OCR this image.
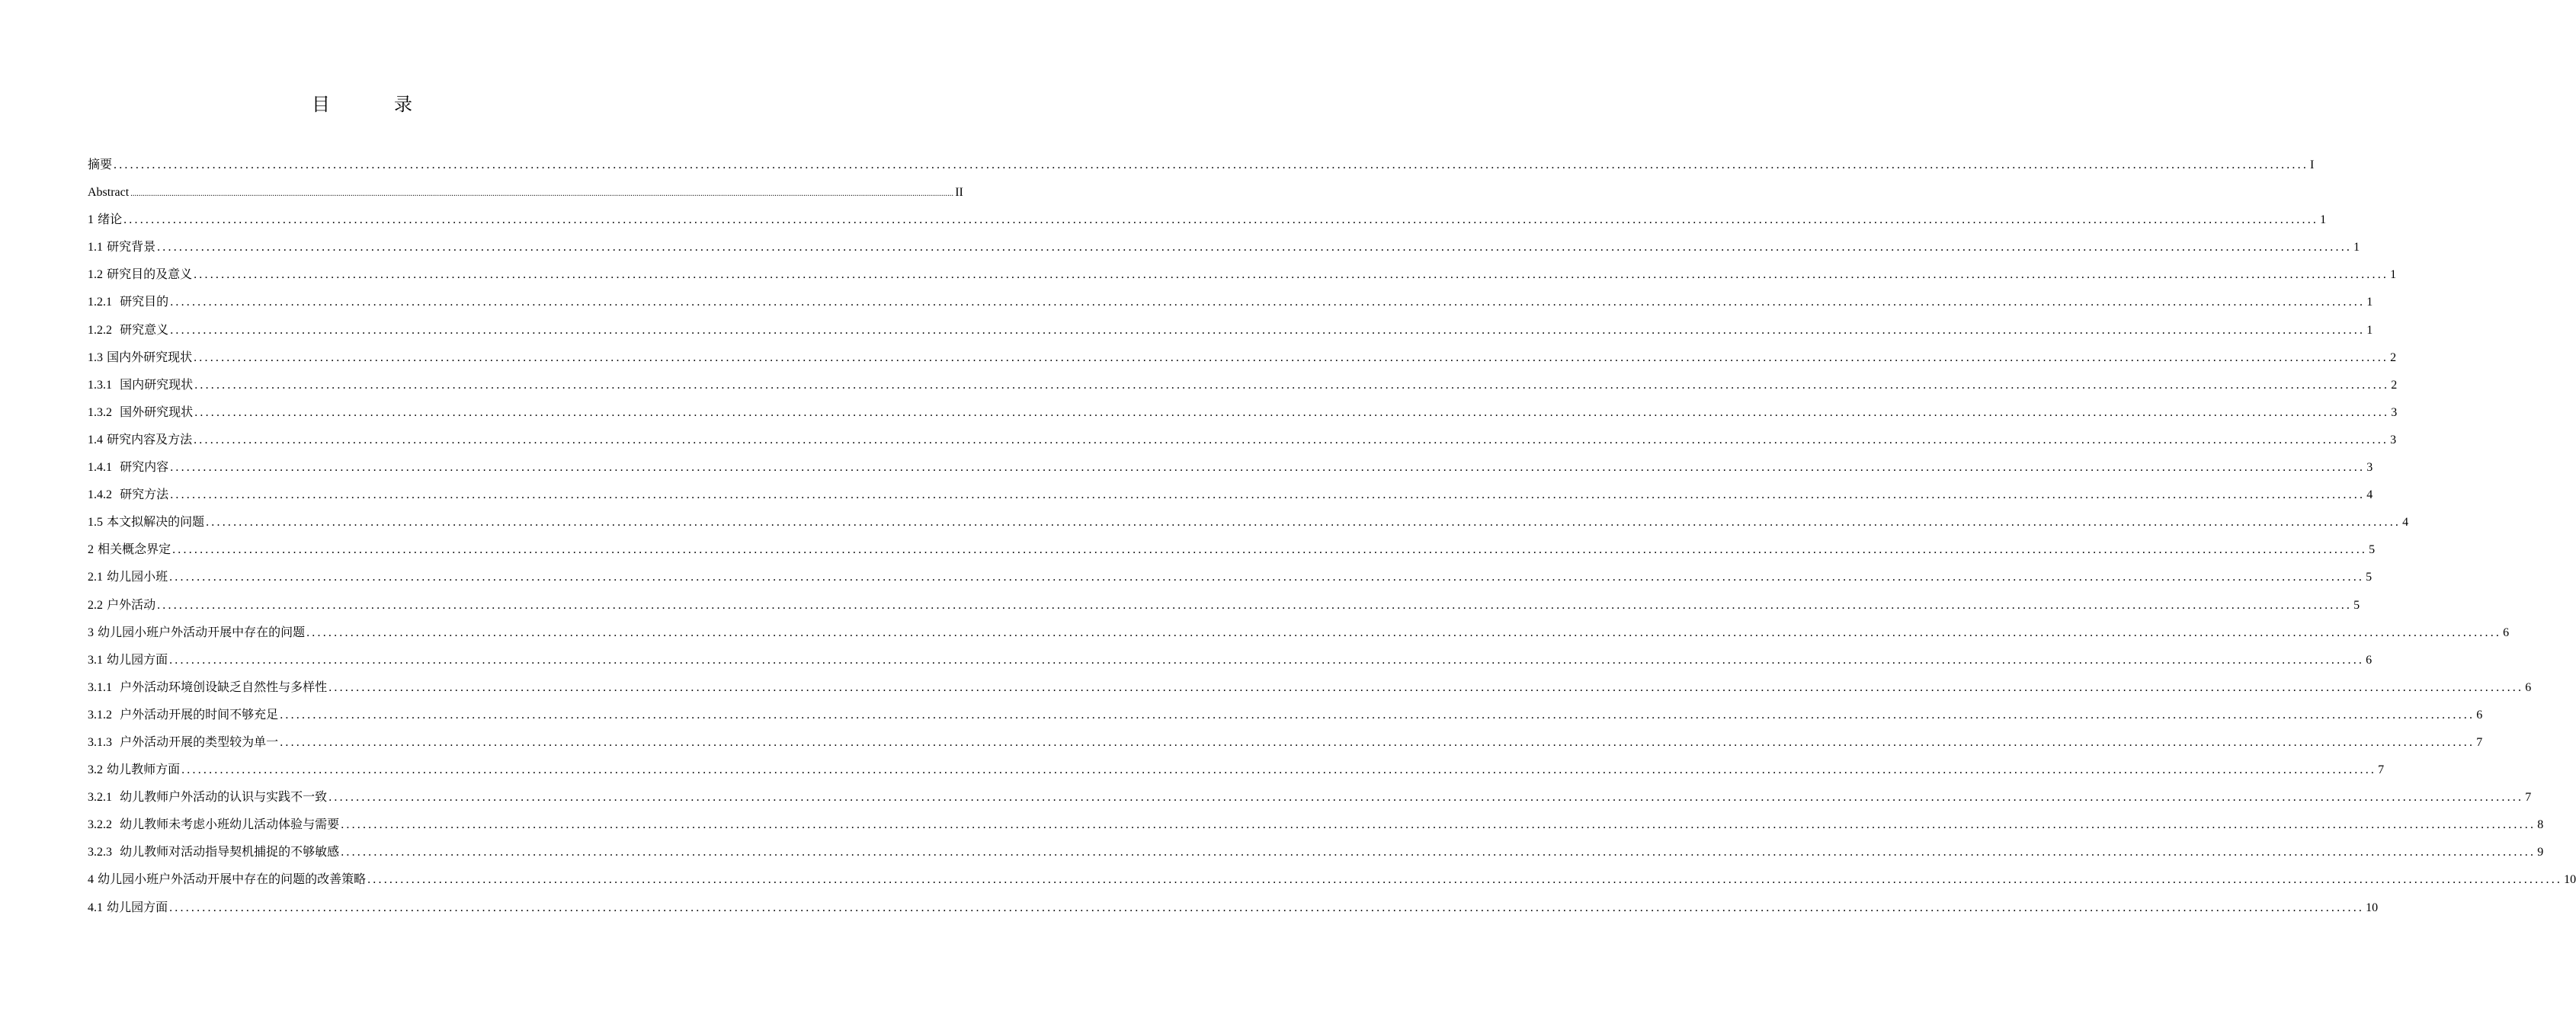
目　录
摘要 ................................................................................................................................................................................................................................................................................................................................................................................................................ I
Abstract ................................................................................................................................................................................................................................................................................................................................................................................................................ II
1 绪论 ................................................................................................................................................................................................................................................................................................................................................................................................................ 1
1.1 研究背景 ................................................................................................................................................................................................................................................................................................................................................................................................................ 1
1.2 研究目的及意义 ................................................................................................................................................................................................................................................................................................................................................................................................................ 1
1.2.1 研究目的 ................................................................................................................................................................................................................................................................................................................................................................................................................ 1
1.2.2 研究意义 ................................................................................................................................................................................................................................................................................................................................................................................................................ 1
1.3 国内外研究现状 ................................................................................................................................................................................................................................................................................................................................................................................................................ 2
1.3.1 国内研究现状 ................................................................................................................................................................................................................................................................................................................................................................................................................ 2
1.3.2 国外研究现状 ................................................................................................................................................................................................................................................................................................................................................................................................................ 3
1.4 研究内容及方法 ................................................................................................................................................................................................................................................................................................................................................................................................................ 3
1.4.1 研究内容 ................................................................................................................................................................................................................................................................................................................................................................................................................ 3
1.4.2 研究方法 ................................................................................................................................................................................................................................................................................................................................................................................................................ 4
1.5 本文拟解决的问题 ................................................................................................................................................................................................................................................................................................................................................................................................................ 4
2 相关概念界定 ................................................................................................................................................................................................................................................................................................................................................................................................................ 5
2.1 幼儿园小班 ................................................................................................................................................................................................................................................................................................................................................................................................................ 5
2.2 户外活动 ................................................................................................................................................................................................................................................................................................................................................................................................................ 5
3 幼儿园小班户外活动开展中存在的问题 ................................................................................................................................................................................................................................................................................................................................................................................................................ 6
3.1 幼儿园方面 ................................................................................................................................................................................................................................................................................................................................................................................................................ 6
3.1.1 户外活动环境创设缺乏自然性与多样性 ................................................................................................................................................................................................................................................................................................................................................................................................................ 6
3.1.2 户外活动开展的时间不够充足 ................................................................................................................................................................................................................................................................................................................................................................................................................ 6
3.1.3 户外活动开展的类型较为单一 ................................................................................................................................................................................................................................................................................................................................................................................................................ 7
3.2 幼儿教师方面 ................................................................................................................................................................................................................................................................................................................................................................................................................ 7
3.2.1 幼儿教师户外活动的认识与实践不一致 ................................................................................................................................................................................................................................................................................................................................................................................................................ 7
3.2.2 幼儿教师未考虑小班幼儿活动体验与需要 ................................................................................................................................................................................................................................................................................................................................................................................................................ 8
3.2.3 幼儿教师对活动指导契机捕捉的不够敏感 ................................................................................................................................................................................................................................................................................................................................................................................................................ 9
4 幼儿园小班户外活动开展中存在的问题的改善策略 ................................................................................................................................................................................................................................................................................................................................................................................................................ 10
4.1 幼儿园方面 ................................................................................................................................................................................................................................................................................................................................................................................................................ 10
